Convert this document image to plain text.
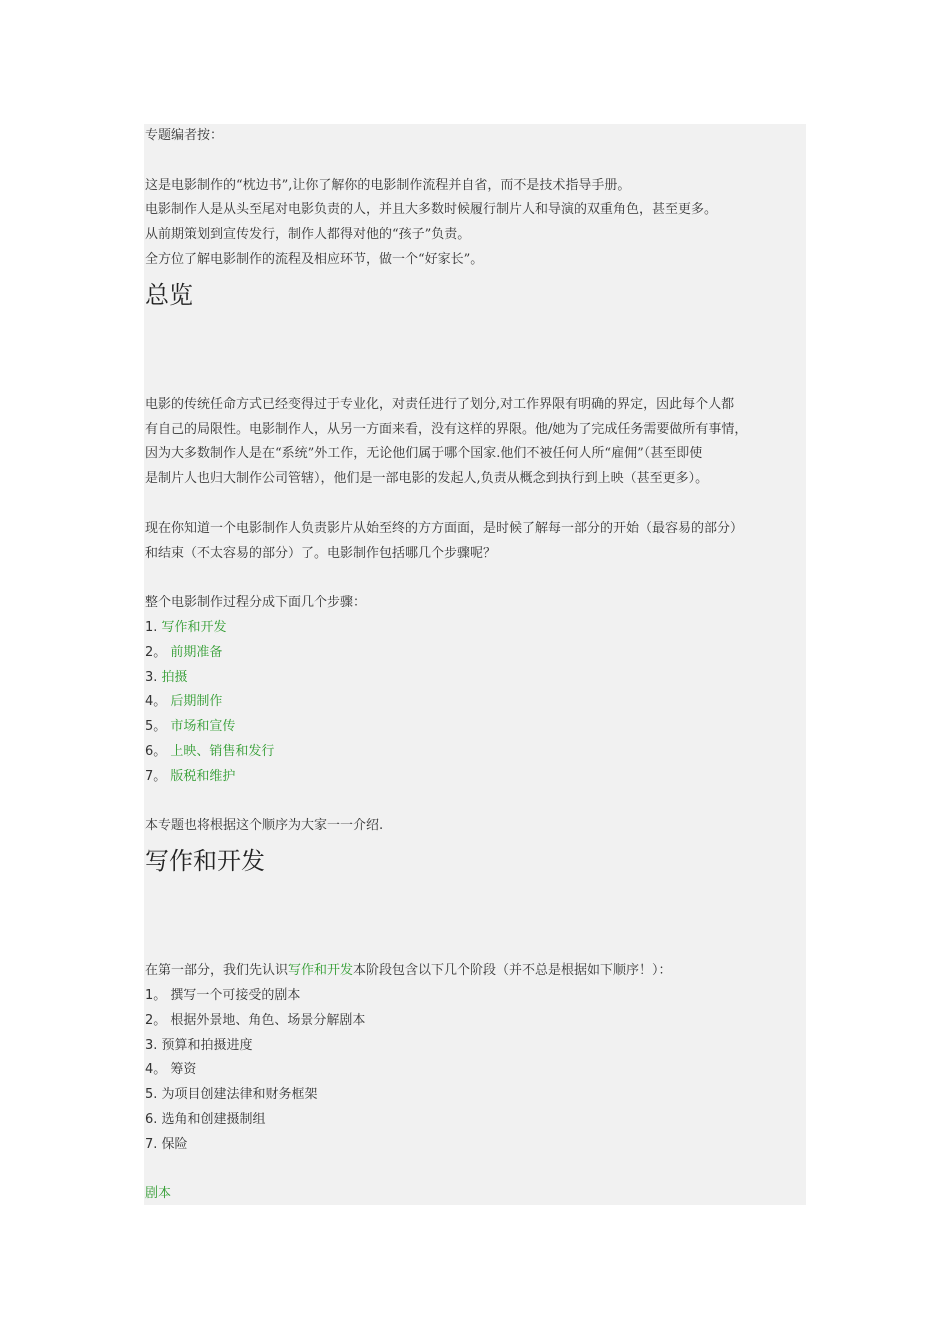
专题编者按：
这是电影制作的“枕边书”,让你了解你的电影制作流程并自省，而不是技术指导手册。
电影制作人是从头至尾对电影负责的人，并且大多数时候履行制片人和导演的双重角色，甚至更多。
从前期策划到宣传发行，制作人都得对他的“孩子”负责。
全方位了解电影制作的流程及相应环节，做一个“好家长”。
总览
电影的传统任命方式已经变得过于专业化，对责任进行了划分,对工作界限有明确的界定，因此每个人都
有自己的局限性。电影制作人，从另一方面来看，没有这样的界限。他/她为了完成任务需要做所有事情，
因为大多数制作人是在“系统”外工作，无论他们属于哪个国家.他们不被任何人所“雇佣”（甚至即使
是制片人也归大制作公司管辖），他们是一部电影的发起人,负责从概念到执行到上映（甚至更多）。
现在你知道一个电影制作人负责影片从始至终的方方面面，是时候了解每一部分的开始（最容易的部分）
和结束（不太容易的部分）了。电影制作包括哪几个步骤呢？
整个电影制作过程分成下面几个步骤：
1. 写作和开发
2。 前期准备
3. 拍摄
4。 后期制作
5。 市场和宣传
6。 上映、销售和发行
7。 版税和维护
本专题也将根据这个顺序为大家一一介绍.
写作和开发
在第一部分，我们先认识写作和开发本阶段包含以下几个阶段（并不总是根据如下顺序！）：
1。 撰写一个可接受的剧本
2。 根据外景地、角色、场景分解剧本
3. 预算和拍摄进度
4。 筹资
5. 为项目创建法律和财务框架
6. 选角和创建摄制组
7. 保险
剧本
